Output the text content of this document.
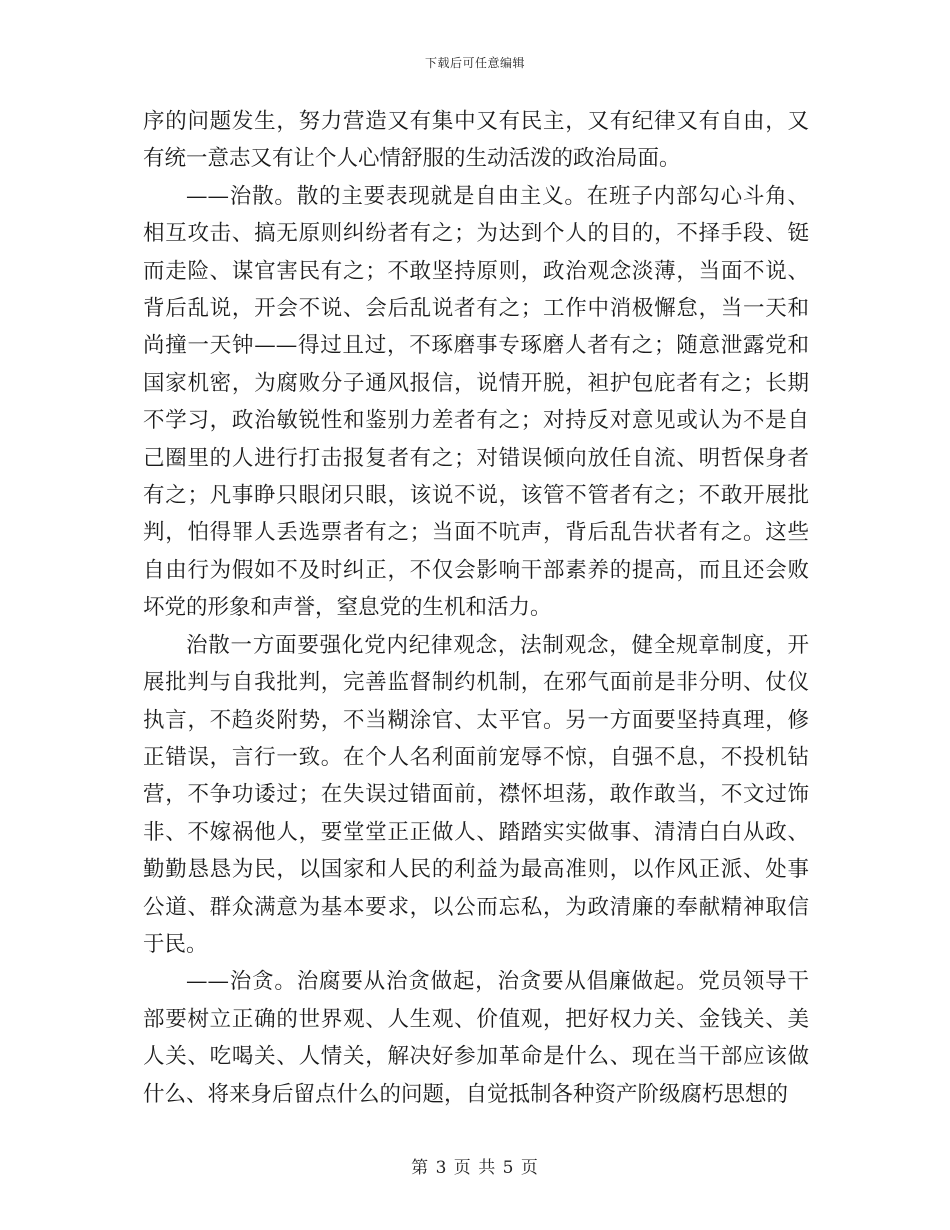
下载后可任意编辑

序的问题发生，努力营造又有集中又有民主，又有纪律又有自由，又有统一意志又有让个人心情舒服的生动活泼的政治局面。

——治散。散的主要表现就是自由主义。在班子内部勾心斗角、相互攻击、搞无原则纠纷者有之；为达到个人的目的，不择手段、铤而走险、谋官害民有之；不敢坚持原则，政治观念淡薄，当面不说、背后乱说，开会不说、会后乱说者有之；工作中消极懈怠，当一天和尚撞一天钟——得过且过，不琢磨事专琢磨人者有之；随意泄露党和国家机密，为腐败分子通风报信，说情开脱，袒护包庇者有之；长期不学习，政治敏锐性和鉴别力差者有之；对持反对意见或认为不是自己圈里的人进行打击报复者有之；对错误倾向放任自流、明哲保身者有之；凡事睁只眼闭只眼，该说不说，该管不管者有之；不敢开展批判，怕得罪人丢选票者有之；当面不吭声，背后乱告状者有之。这些自由行为假如不及时纠正，不仅会影响干部素养的提高，而且还会败坏党的形象和声誉，窒息党的生机和活力。

治散一方面要强化党内纪律观念，法制观念，健全规章制度，开展批判与自我批判，完善监督制约机制，在邪气面前是非分明、仗仪执言，不趋炎附势，不当糊涂官、太平官。另一方面要坚持真理，修正错误，言行一致。在个人名利面前宠辱不惊，自强不息，不投机钻营，不争功诿过；在失误过错面前，襟怀坦荡，敢作敢当，不文过饰非、不嫁祸他人，要堂堂正正做人、踏踏实实做事、清清白白从政、勤勤恳恳为民，以国家和人民的利益为最高准则，以作风正派、处事公道、群众满意为基本要求，以公而忘私，为政清廉的奉献精神取信于民。

——治贪。治腐要从治贪做起，治贪要从倡廉做起。党员领导干部要树立正确的世界观、人生观、价值观，把好权力关、金钱关、美人关、吃喝关、人情关，解决好参加革命是什么、现在当干部应该做什么、将来身后留点什么的问题，自觉抵制各种资产阶级腐朽思想的

第 3 页 共 5 页
